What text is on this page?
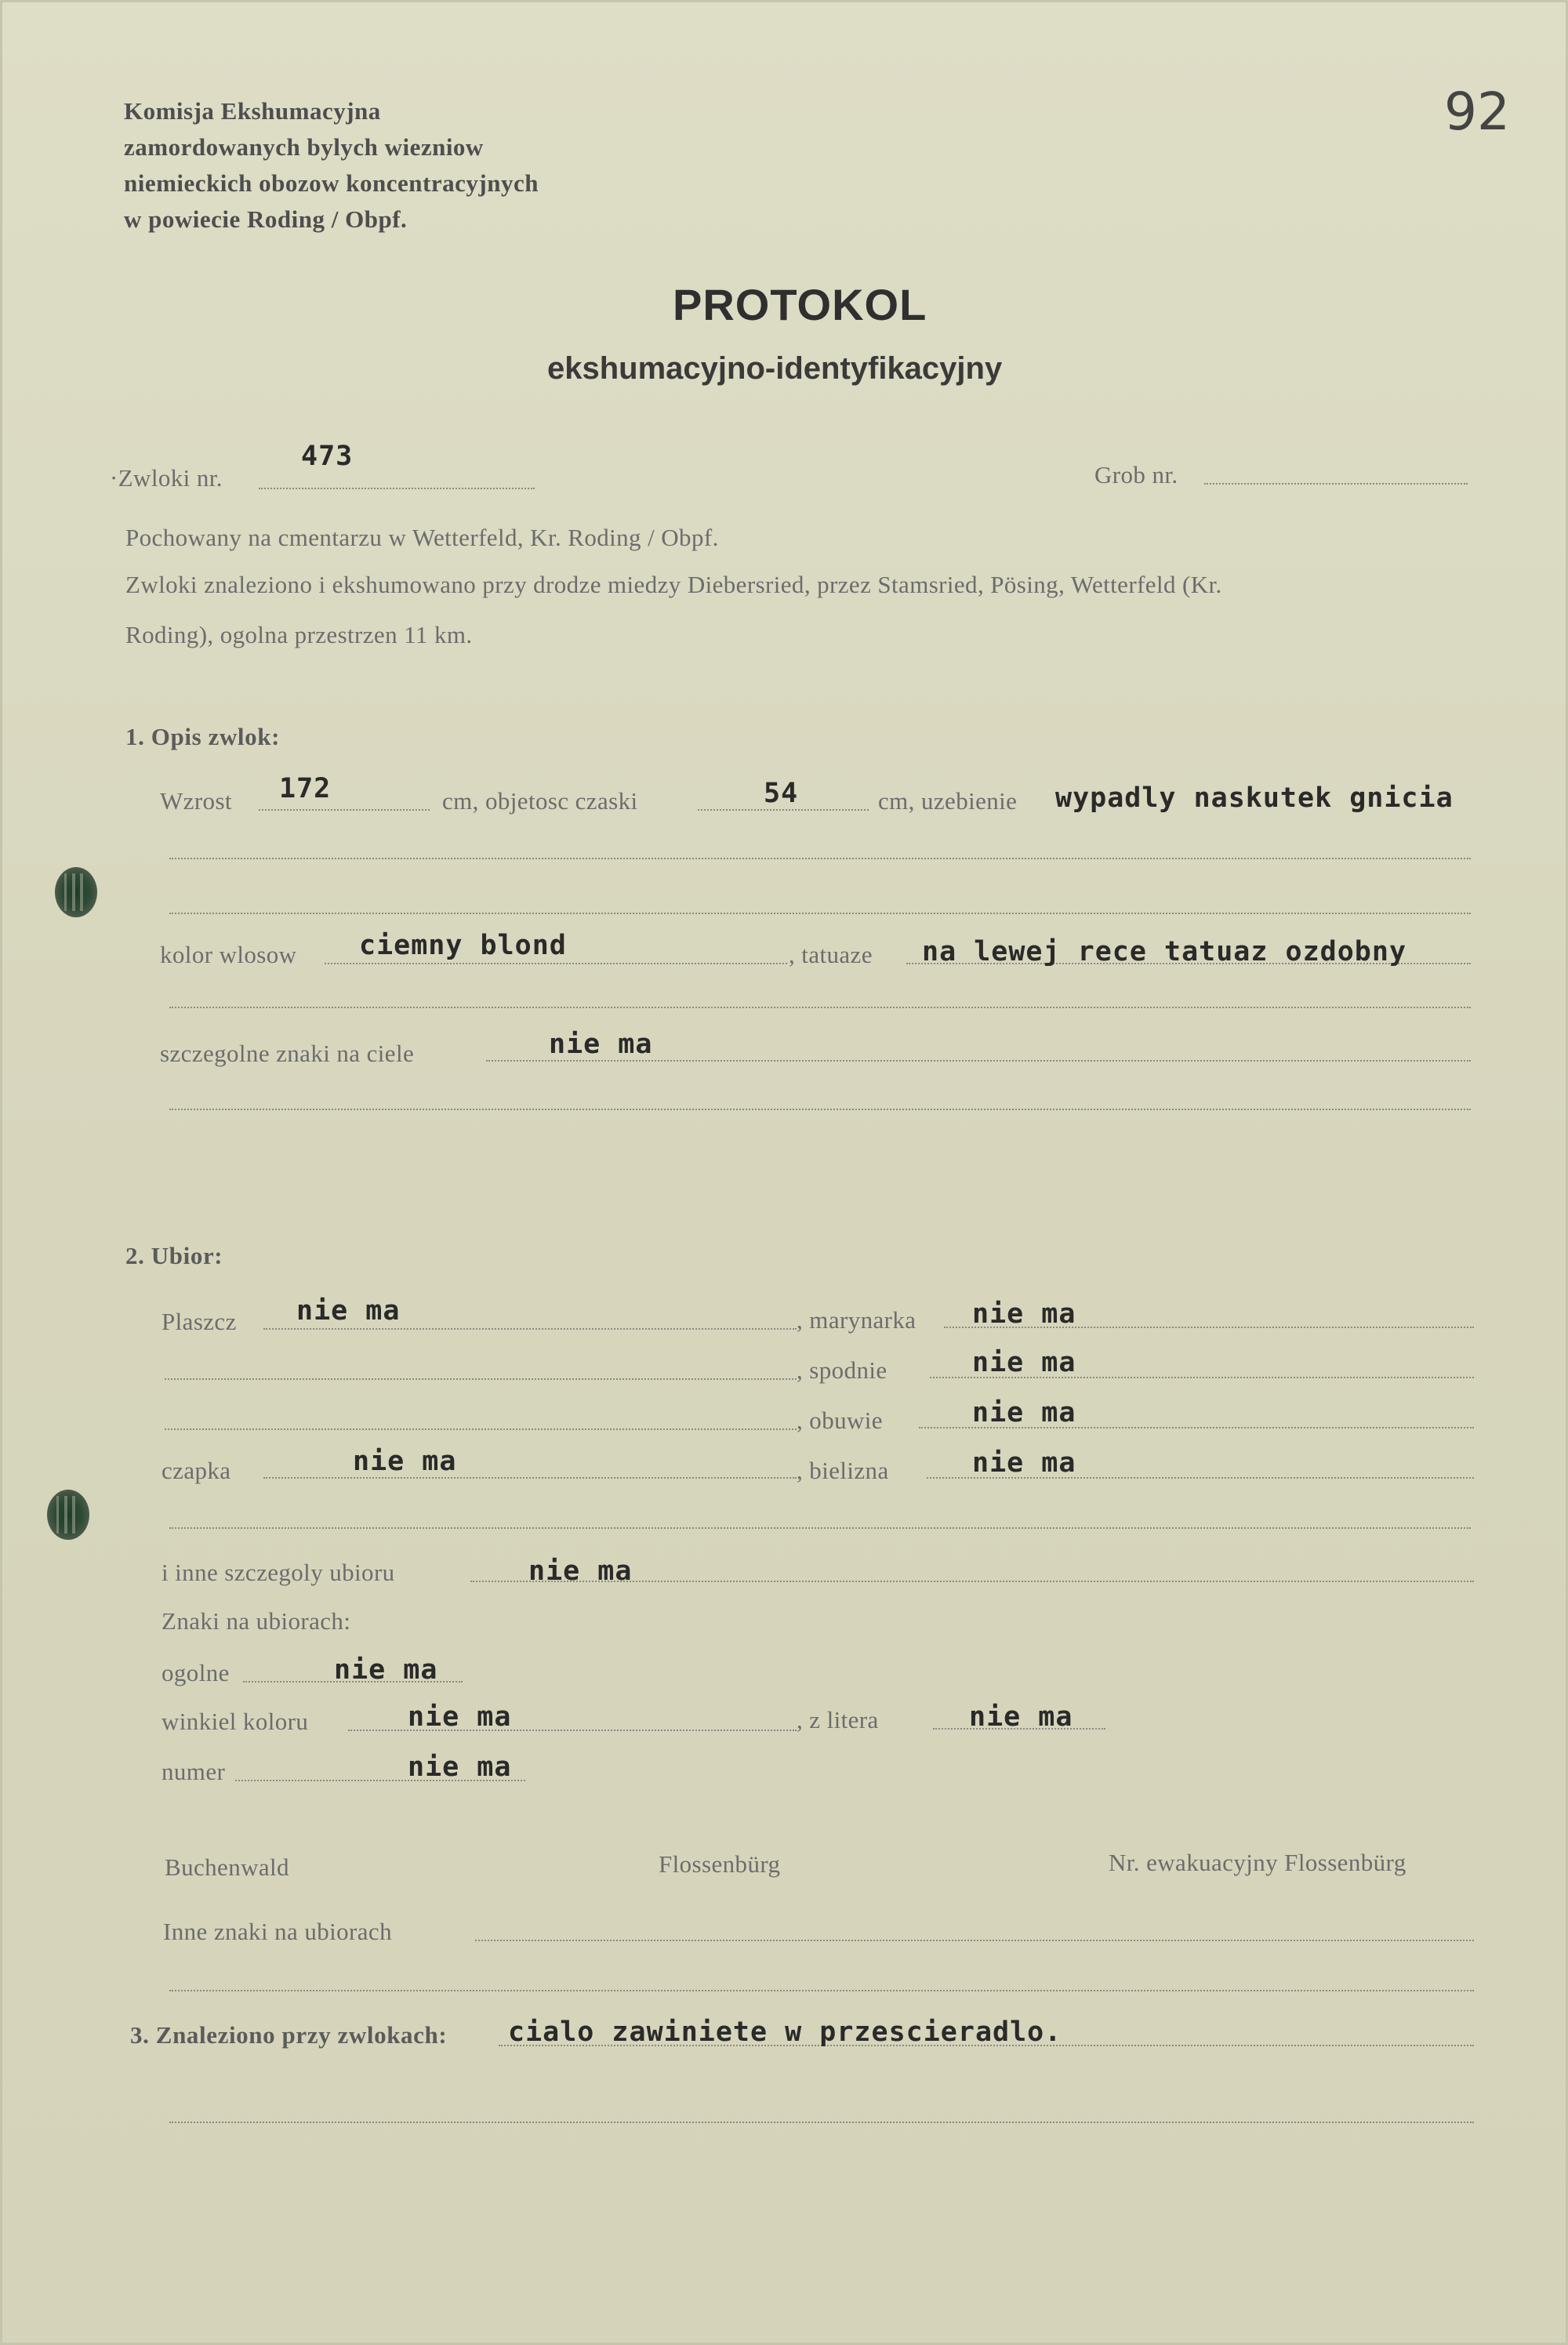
Komisja Ekshumacyjna
zamordowanych bylych wiezniow
niemieckich obozow koncentracyjnych
w powiecie Roding / Obpf.
92
PROTOKOL
ekshumacyjno-identyfikacyjny
·Zwloki nr.
473
Grob nr.
Pochowany na cmentarzu w Wetterfeld, Kr. Roding / Obpf.
Zwloki znaleziono i ekshumowano przy drodze miedzy Diebersried, przez Stamsried, Pösing, Wetterfeld (Kr.
Roding), ogolna przestrzen 11 km.
1. Opis zwlok:
Wzrost 172	cm, objetosc czaski	54	cm, uzebienie wypadly naskutek gnicia
kolor wlosow ciemny blond	, tatuaze na lewej rece tatuaz ozdobny
szczegolne znaki na ciele	nie ma
2. Ubior:
Plaszcz nie ma	, marynarka nie ma
, spodnie	nie ma
, obuwie	nie ma
czapka	nie ma	, bielizna	nie ma
i inne szczegoly ubioru	nie ma
Znaki na ubiorach:
ogolne	nie ma
winkiel koloru	nie ma	, z litera	nie ma
numer	nie ma
Buchenwald	Flossenbürg	Nr. ewakuacyjny Flossenbürg
Inne znaki na ubiorach
3. Znaleziono przy zwlokach: cialo zawiniete w przescieradlo.
